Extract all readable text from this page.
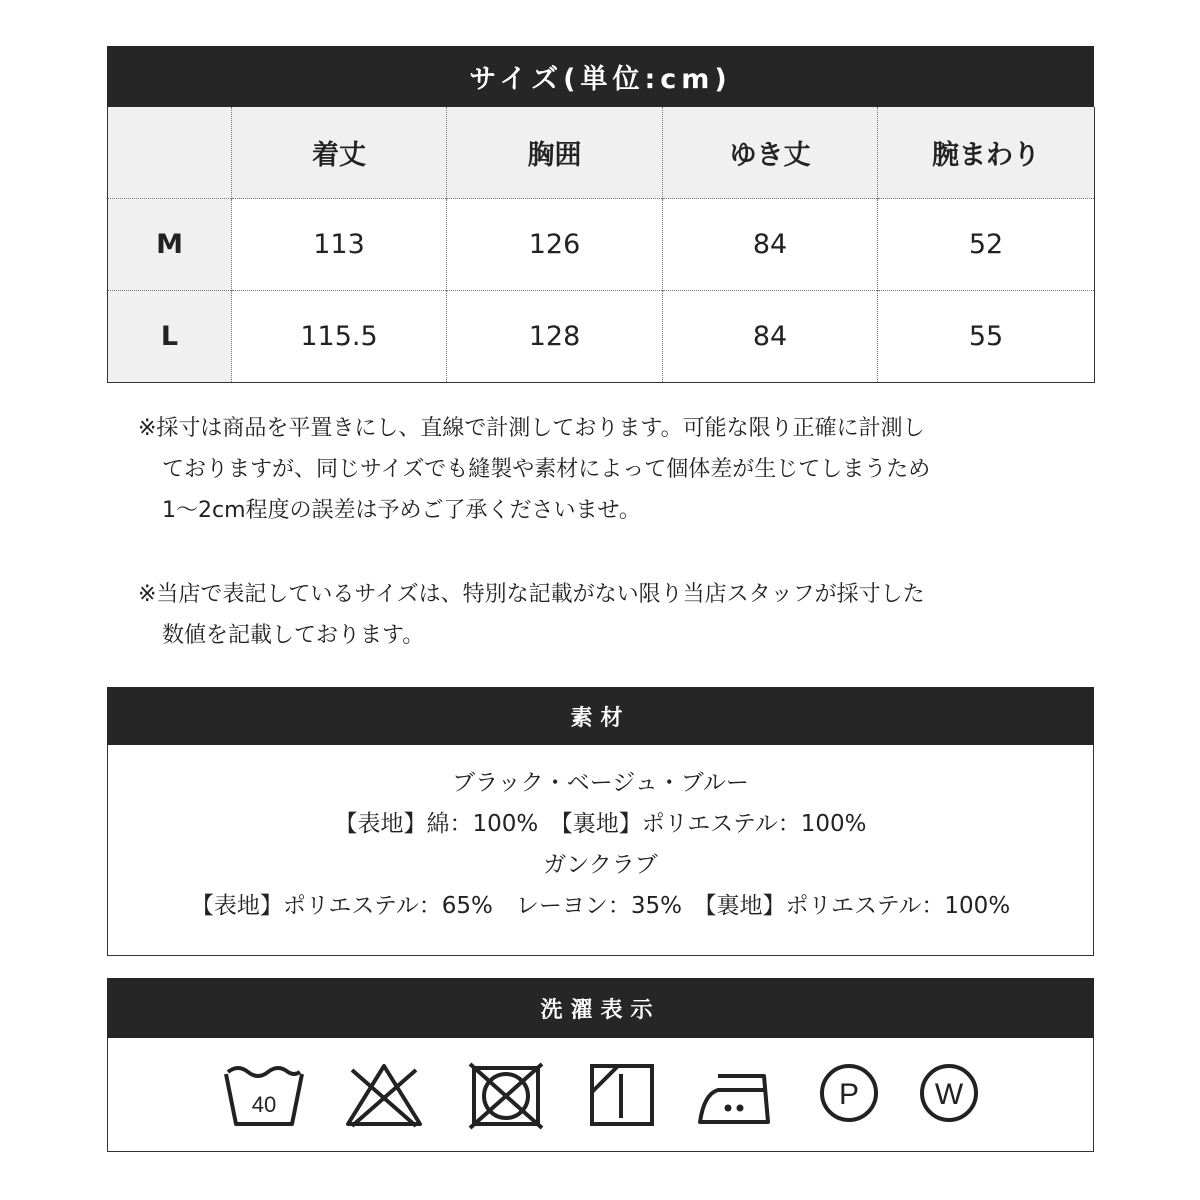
サイズ(単位:cm)
	着丈	胸囲	ゆき丈	腕まわり
M	113	126	84	52
L	115.5	128	84	55
※採寸は商品を平置きにし、直線で計測しております。可能な限り正確に計測し
ておりますが、同じサイズでも縫製や素材によって個体差が生じてしまうため
1〜2cm程度の誤差は予めご了承くださいませ。
※当店で表記しているサイズは、特別な記載がない限り当店スタッフが採寸した
数値を記載しております。
素材
ブラック・ベージュ・ブルー
【表地】綿：100%　【裏地】ポリエステル：100%
ガンクラブ
【表地】ポリエステル：65%　レーヨン：35%　【裏地】ポリエステル：100%
洗濯表示
40	P	W
